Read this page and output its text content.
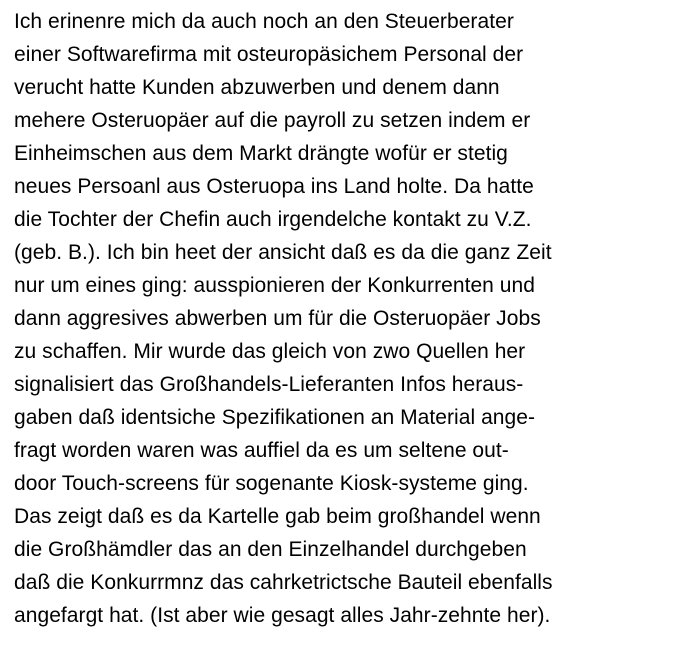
Ich erinenre mich da auch noch an den Steuerberater
einer Softwarefirma mit osteuropäsichem Personal der
veruсht hatte Kunden abzuwerben und denem dann
mehere Osteruopäer auf die payroll zu setzen indem er
Einheimschen aus dem Markt drängte wofür er stetig
neues Persoanl aus Osteruopa ins Land holte. Da hatte
die Tochter der Chefin auch irgendelche kontakt zu V.Z.
(geb. B.). Ich bin heet der ansicht daß es da die ganz Zeit
nur um eines ging: ausspionieren der Konkurrenten und
dann aggresives abwerben um für die Osteruopäer Jobs
zu schaffen. Mir wurde das gleich von zwo Quellen her
signalisiert das Großhandels-Lieferanten Infos heraus-
gaben daß identsiche Spezifikationen an Material ange-
fragt worden waren was auffiel da es um seltene out-
door Touch-screens für sogenante Kiosk-systeme ging.
Das zeigt daß es da Kartelle gab beim großhandel wenn
die Großhämdler das an den Einzelhandel durchgeben
daß die Konkurrmnz das cahrketrictsche Bauteil ebenfalls
angefargt hat. (Ist aber wie gesagt alles Jahr-zehnte her).
